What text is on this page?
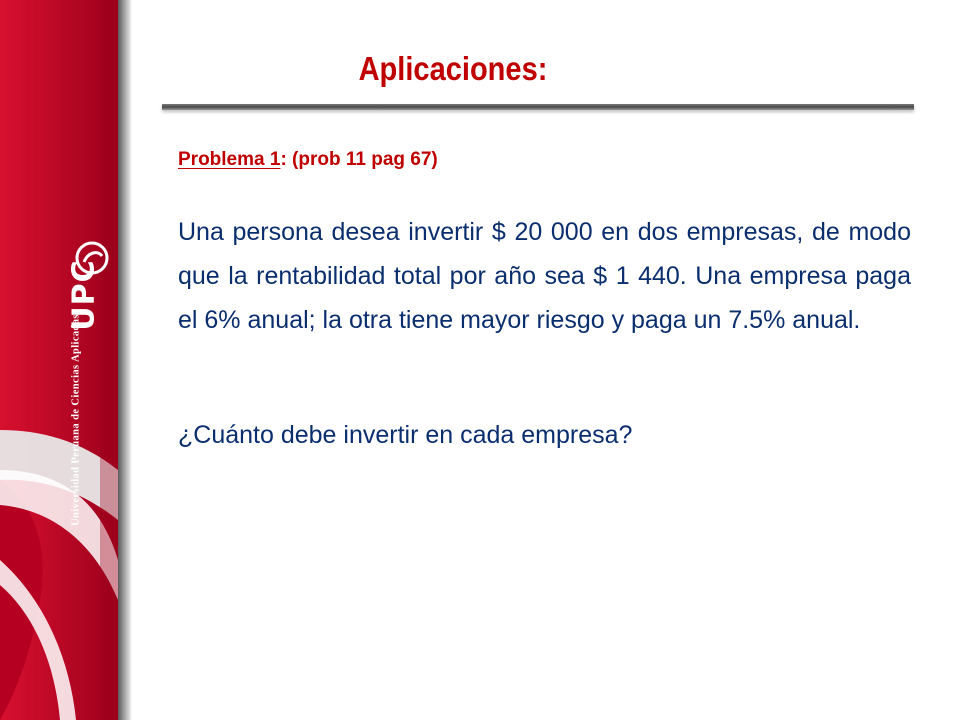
UPC
Universidad Peruana de Ciencias Aplicadas
Aplicaciones:
Problema 1: (prob 11 pag 67)
Una persona desea invertir $ 20 000 en dos empresas, de modo que la rentabilidad total por año sea $ 1 440. Una empresa paga el 6% anual; la otra tiene mayor riesgo y paga un 7.5% anual.
¿Cuánto debe invertir en cada empresa?
